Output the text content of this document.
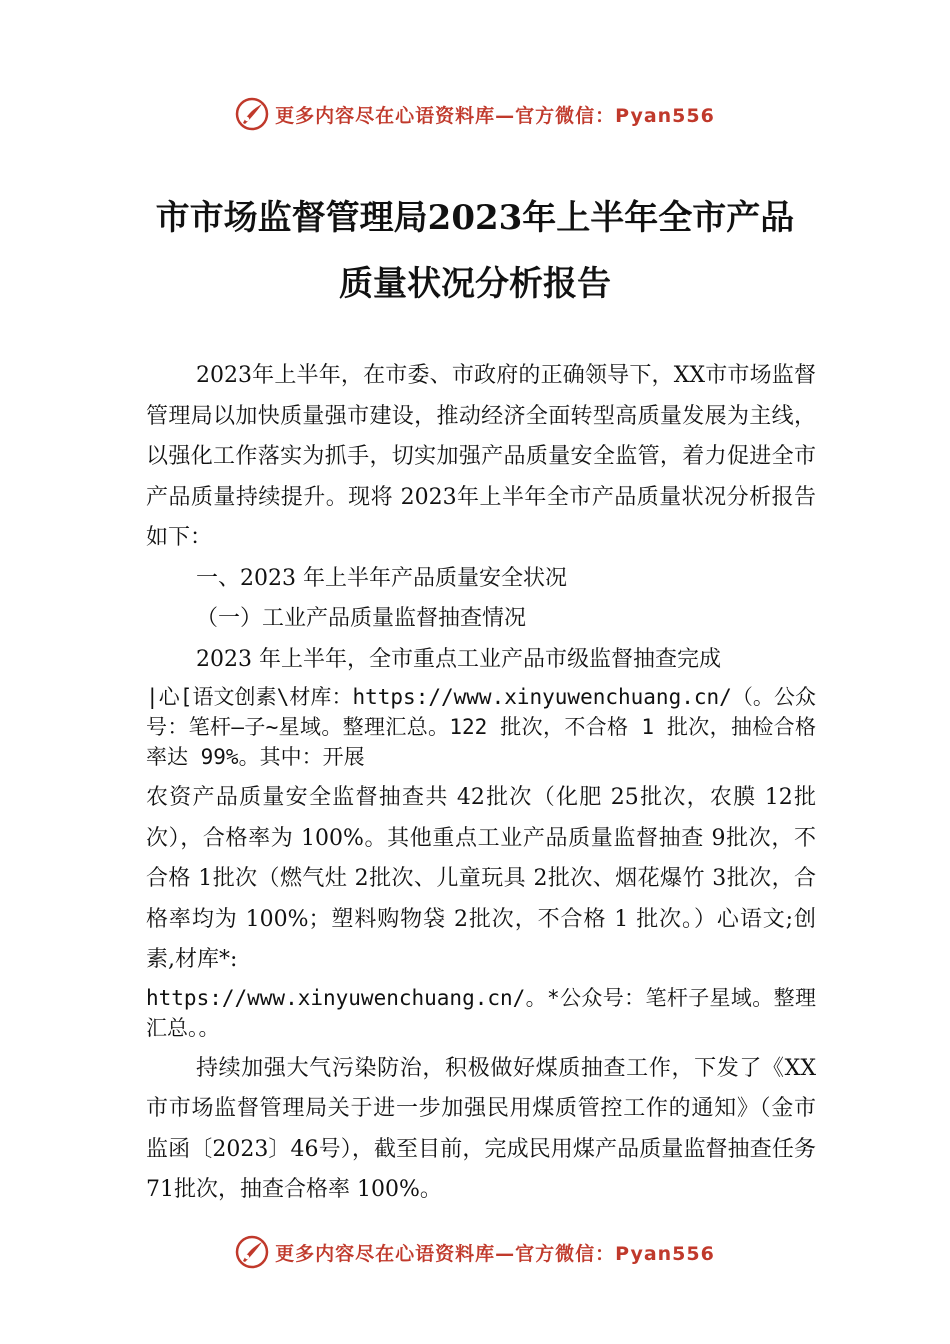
更多内容尽在心语资料库—官方微信：Pyan556
市市场监督管理局2023年上半年全市产品
质量状况分析报告

2023年上半年，在市委、市政府的正确领导下，XX市市场监督管理局以加快质量强市建设，推动经济全面转型高质量发展为主线，以强化工作落实为抓手，切实加强产品质量安全监管，着力促进全市产品质量持续提升。现将 2023年上半年全市产品质量状况分析报告如下：

一、2023 年上半年产品质量安全状况

（一）工业产品质量监督抽查情况

2023 年上半年，全市重点工业产品市级监督抽查完成

|心[语文创素\材库：https://www.xinyuwenchuang.cn/（。公众号：笔杆—子~星域。整理汇总。122 批次，不合格 1 批次，抽检合格率达 99%。其中：开展

农资产品质量安全监督抽查共 42批次（化肥 25批次，农膜 12批次），合格率为 100%。其他重点工业产品质量监督抽查 9批次，不合格 1批次（燃气灶 2批次、儿童玩具 2批次、烟花爆竹 3批次，合格率均为 100%；塑料购物袋 2批次，不合格 1 批次。）心语文;创素,材库*:

https://www.xinyuwenchuang.cn/。*公众号：笔杆子星域。整理汇总。。

持续加强大气污染防治，积极做好煤质抽查工作，下发了《XX 市市场监督管理局关于进一步加强民用煤质管控工作的通知》（金市监函〔2023〕46号），截至目前，完成民用煤产品质量监督抽查任务 71批次，抽查合格率 100%。

更多内容尽在心语资料库—官方微信：Pyan556
